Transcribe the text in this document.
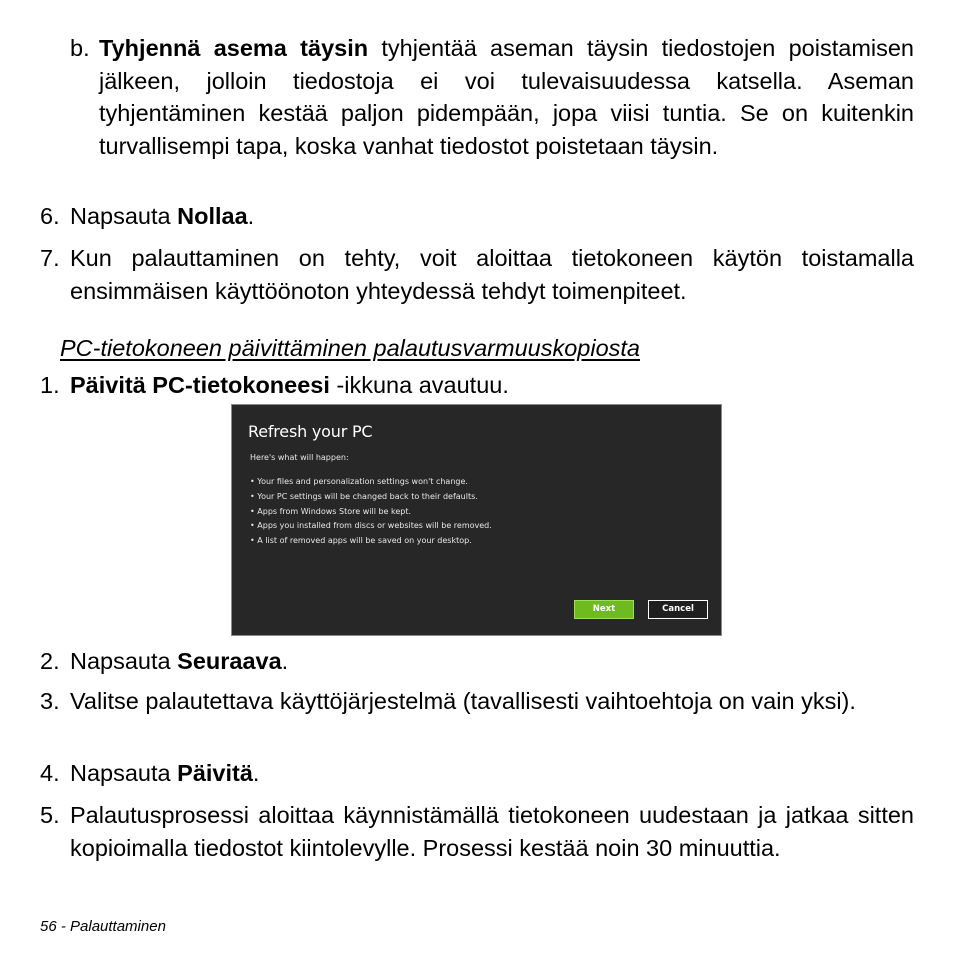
b. Tyhjennä asema täysin tyhjentää aseman täysin tiedostojen poistamisen jälkeen, jolloin tiedostoja ei voi tulevaisuudessa katsella. Aseman tyhjentäminen kestää paljon pidempään, jopa viisi tuntia. Se on kuitenkin turvallisempi tapa, koska vanhat tiedostot poistetaan täysin.
6. Napsauta Nollaa.
7. Kun palauttaminen on tehty, voit aloittaa tietokoneen käytön toistamalla ensimmäisen käyttöönoton yhteydessä tehdyt toimenpiteet.
PC-tietokoneen päivittäminen palautusvarmuuskopiosta
1. Päivitä PC-tietokoneesi -ikkuna avautuu.
Refresh your PC
Here's what will happen:
• Your files and personalization settings won't change.
• Your PC settings will be changed back to their defaults.
• Apps from Windows Store will be kept.
• Apps you installed from discs or websites will be removed.
• A list of removed apps will be saved on your desktop.
Next	Cancel
2. Napsauta Seuraava.
3. Valitse palautettava käyttöjärjestelmä (tavallisesti vaihtoehtoja on vain yksi).
4. Napsauta Päivitä.
5. Palautusprosessi aloittaa käynnistämällä tietokoneen uudestaan ja jatkaa sitten kopioimalla tiedostot kiintolevylle. Prosessi kestää noin 30 minuuttia.
56 - Palauttaminen
